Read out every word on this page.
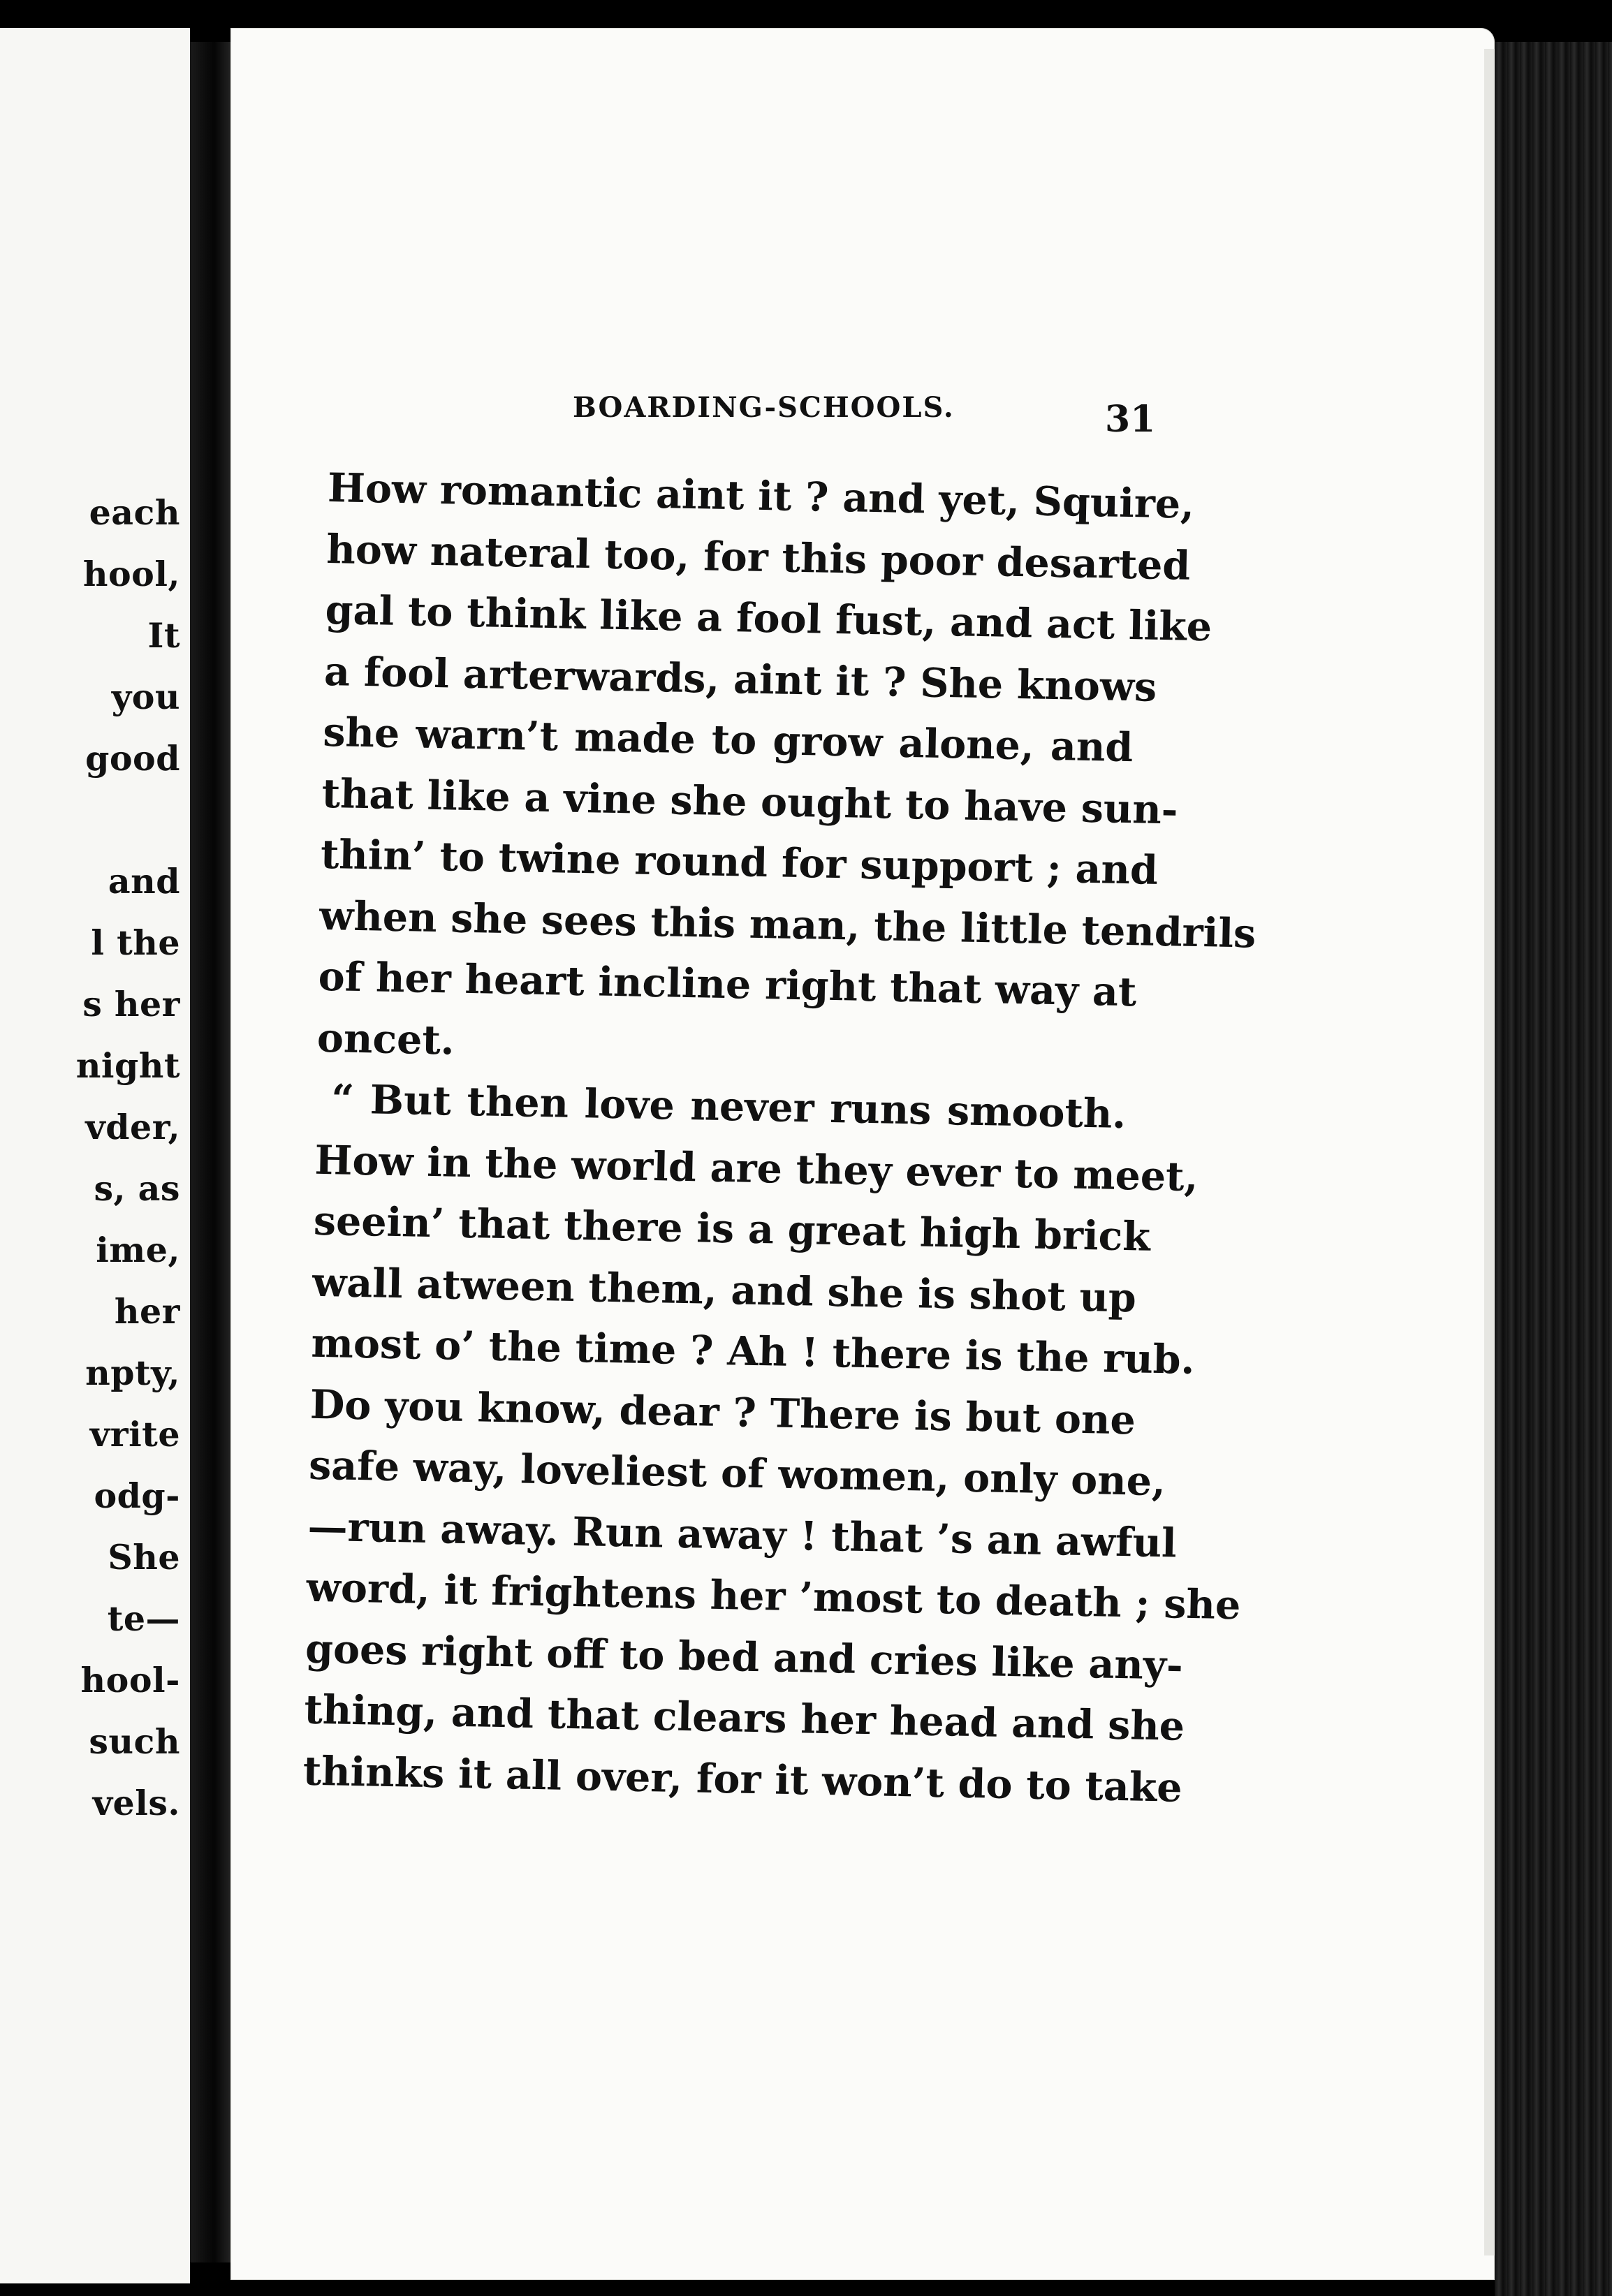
each
hool,
It
you
good
and
l the
s her
night
vder,
s, as
ime,
her
npty,
vrite
odg-
She
te—
hool-
such
vels.
BOARDING-SCHOOLS.	31
How romantic aint it ? and yet, Squire,
how nateral too, for this poor desarted
gal to think like a fool fust, and act like
a fool arterwards, aint it ? She knows
she warn’t made to grow alone, and
that like a vine she ought to have sun-
thin’ to twine round for support ; and
when she sees this man, the little tendrils
of her heart incline right that way at
oncet.
“ But then love never runs smooth.
How in the world are they ever to meet,
seein’ that there is a great high brick
wall atween them, and she is shot up
most o’ the time ? Ah ! there is the rub.
Do you know, dear ? There is but one
safe way, loveliest of women, only one,
—run away. Run away ! that ’s an awful
word, it frightens her ’most to death ; she
goes right off to bed and cries like any-
thing, and that clears her head and she
thinks it all over, for it won’t do to take
